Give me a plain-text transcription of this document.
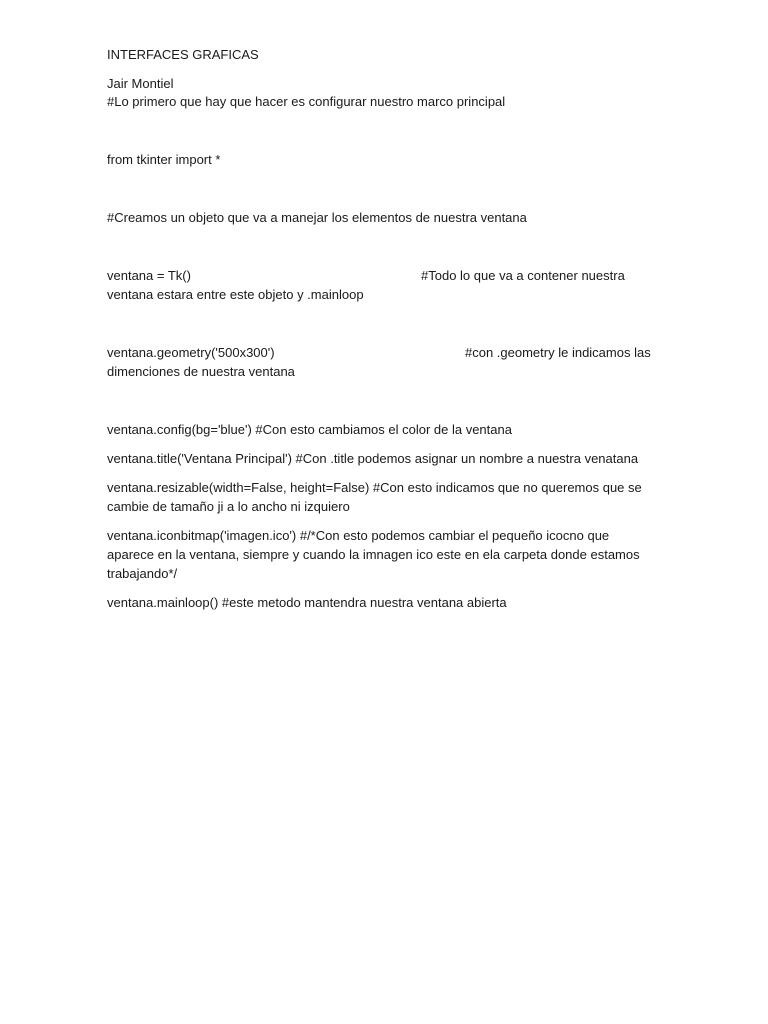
INTERFACES GRAFICAS
Jair Montiel
#Lo primero que hay que hacer es configurar nuestro marco principal
from tkinter import *
#Creamos un objeto que va a manejar los elementos de nuestra ventana
ventana = Tk()	#Todo lo que va a contener nuestra
ventana estara entre este objeto y .mainloop
ventana.geometry('500x300')	#con .geometry le indicamos las
dimenciones de nuestra ventana
ventana.config(bg='blue') #Con esto cambiamos el color de la ventana
ventana.title('Ventana Principal') #Con .title podemos asignar un nombre a nuestra venatana
ventana.resizable(width=False, height=False) #Con esto indicamos que no queremos que se
cambie de tamaño ji a lo ancho ni izquiero
ventana.iconbitmap('imagen.ico') #/*Con esto podemos cambiar el pequeño icocno que
aparece en la ventana, siempre y cuando la imnagen ico este en ela carpeta donde estamos
trabajando*/
ventana.mainloop() #este metodo mantendra nuestra ventana abierta
